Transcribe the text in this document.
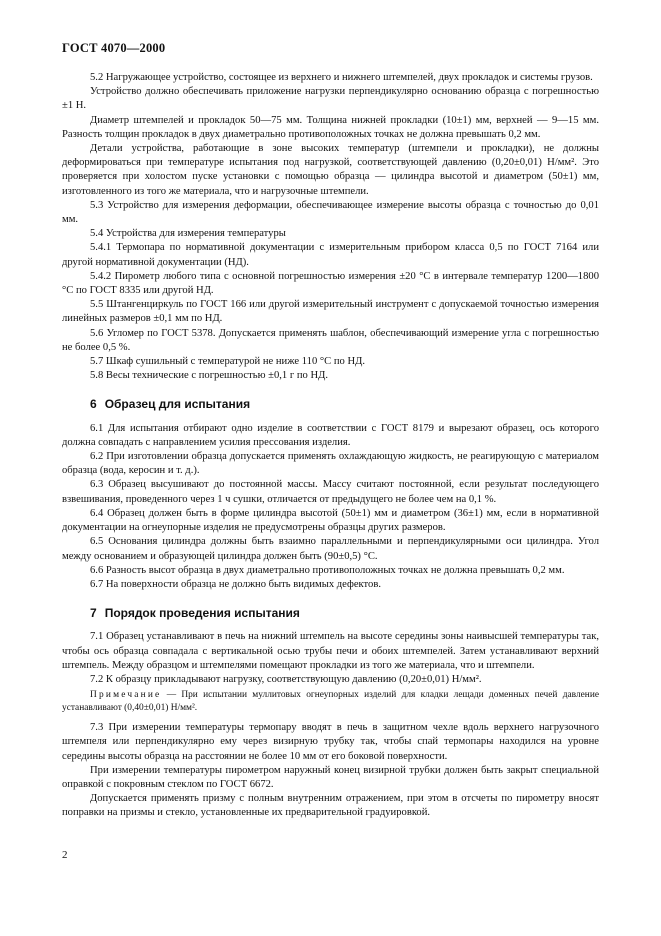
ГОСТ 4070—2000

5.2 Нагружающее устройство, состоящее из верхнего и нижнего штемпелей, двух прокладок и системы грузов.

Устройство должно обеспечивать приложение нагрузки перпендикулярно основанию образца с погрешностью ±1 Н.

Диаметр штемпелей и прокладок 50—75 мм. Толщина нижней прокладки (10±1) мм, верхней — 9—15 мм. Разность толщин прокладок в двух диаметрально противоположных точках не должна превышать 0,2 мм.

Детали устройства, работающие в зоне высоких температур (штемпели и прокладки), не должны деформироваться при температуре испытания под нагрузкой, соответствующей давлению (0,20±0,01) Н/мм². Это проверяется при холостом пуске установки с помощью образца — цилиндра высотой и диаметром (50±1) мм, изготовленного из того же материала, что и нагрузочные штемпели.

5.3 Устройство для измерения деформации, обеспечивающее измерение высоты образца с точностью до 0,01 мм.

5.4 Устройства для измерения температуры

5.4.1 Термопара по нормативной документации с измерительным прибором класса 0,5 по ГОСТ 7164 или другой нормативной документации (НД).

5.4.2 Пирометр любого типа с основной погрешностью измерения ±20 °С в интервале температур 1200—1800 °С по ГОСТ 8335 или другой НД.

5.5 Штангенциркуль по ГОСТ 166 или другой измерительный инструмент с допускаемой точностью измерения линейных размеров ±0,1 мм по НД.

5.6 Угломер по ГОСТ 5378. Допускается применять шаблон, обеспечивающий измерение угла с погрешностью не более 0,5 %.

5.7 Шкаф сушильный с температурой не ниже 110 °С по НД.

5.8 Весы технические с погрешностью ±0,1 г по НД.

6 Образец для испытания

6.1 Для испытания отбирают одно изделие в соответствии с ГОСТ 8179 и вырезают образец, ось которого должна совпадать с направлением усилия прессования изделия.

6.2 При изготовлении образца допускается применять охлаждающую жидкость, не реагирующую с материалом образца (вода, керосин и т. д.).

6.3 Образец высушивают до постоянной массы. Массу считают постоянной, если результат последующего взвешивания, проведенного через 1 ч сушки, отличается от предыдущего не более чем на 0,1 %.

6.4 Образец должен быть в форме цилиндра высотой (50±1) мм и диаметром (36±1) мм, если в нормативной документации на огнеупорные изделия не предусмотрены образцы других размеров.

6.5 Основания цилиндра должны быть взаимно параллельными и перпендикулярными оси цилиндра. Угол между основанием и образующей цилиндра должен быть (90±0,5) °С.

6.6 Разность высот образца в двух диаметрально противоположных точках не должна превышать 0,2 мм.

6.7 На поверхности образца не должно быть видимых дефектов.

7 Порядок проведения испытания

7.1 Образец устанавливают в печь на нижний штемпель на высоте середины зоны наивысшей температуры так, чтобы ось образца совпадала с вертикальной осью трубы печи и обоих штемпелей. Затем устанавливают верхний штемпель. Между образцом и штемпелями помещают прокладки из того же материала, что и штемпели.

7.2 К образцу прикладывают нагрузку, соответствующую давлению (0,20±0,01) Н/мм².

Примечание — При испытании муллитовых огнеупорных изделий для кладки лещади доменных печей давление устанавливают (0,40±0,01) Н/мм².

7.3 При измерении температуры термопару вводят в печь в защитном чехле вдоль верхнего нагрузочного штемпеля или перпендикулярно ему через визирную трубку так, чтобы спай термопары находился на уровне середины высоты образца на расстоянии не более 10 мм от его боковой поверхности.

При измерении температуры пирометром наружный конец визирной трубки должен быть закрыт специальной оправкой с покровным стеклом по ГОСТ 6672.

Допускается применять призму с полным внутренним отражением, при этом в отсчеты по пирометру вносят поправки на призмы и стекло, установленные их предварительной градуировкой.

2
